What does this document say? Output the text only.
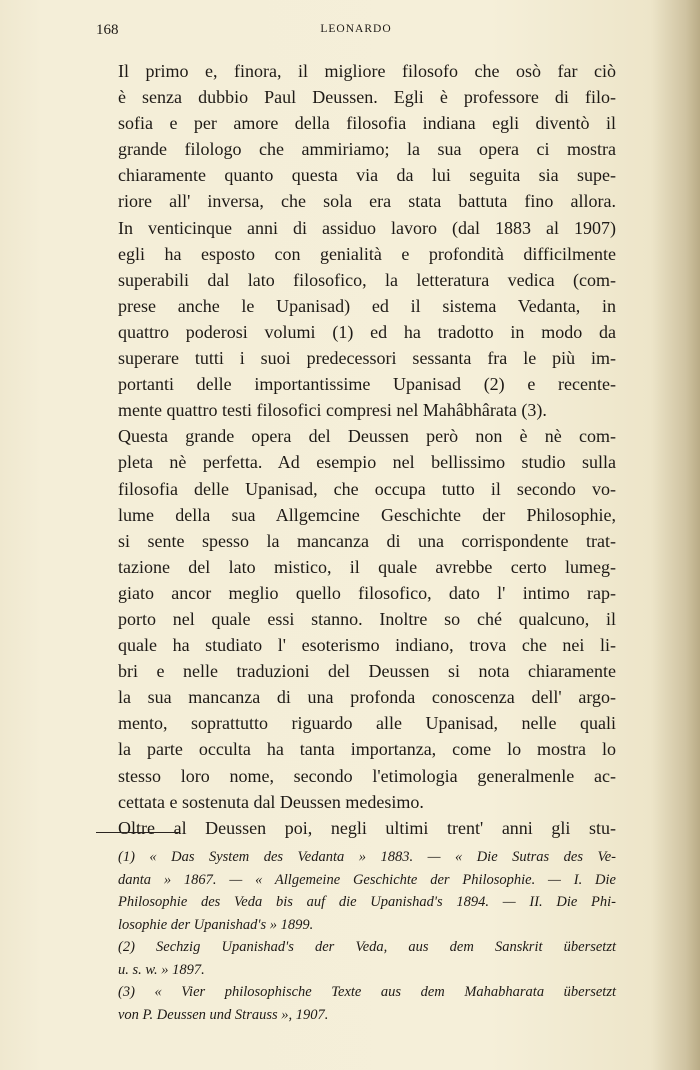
168	LEONARDO

Il primo e, finora, il migliore filosofo che osò far ciò
è senza dubbio Paul Deussen. Egli è professore di filo-
sofia e per amore della filosofia indiana egli diventò il
grande filologo che ammiriamo; la sua opera ci mostra
chiaramente quanto questa via da lui seguita sia supe-
riore all' inversa, che sola era stata battuta fino allora.
In venticinque anni di assiduo lavoro (dal 1883 al 1907)
egli ha esposto con genialità e profondità difficilmente
superabili dal lato filosofico, la letteratura vedica (com-
prese anche le Upanisad) ed il sistema Vedanta, in
quattro poderosi volumi (1) ed ha tradotto in modo da
superare tutti i suoi predecessori sessanta fra le più im-
portanti delle importantissime Upanisad (2) e recente-
mente quattro testi filosofici compresi nel Mahâbhârata (3).

Questa grande opera del Deussen però non è nè com-
pleta nè perfetta. Ad esempio nel bellissimo studio sulla
filosofia delle Upanisad, che occupa tutto il secondo vo-
lume della sua Allgemcine Geschichte der Philosophie,
si sente spesso la mancanza di una corrispondente trat-
tazione del lato mistico, il quale avrebbe certo lumeg-
giato ancor meglio quello filosofico, dato l' intimo rap-
porto nel quale essi stanno. Inoltre so ché qualcuno, il
quale ha studiato l' esoterismo indiano, trova che nei li-
bri e nelle traduzioni del Deussen si nota chiaramente
la sua mancanza di una profonda conoscenza dell' argo-
mento, soprattutto riguardo alle Upanisad, nelle quali
la parte occulta ha tanta importanza, come lo mostra lo
stesso loro nome, secondo l'etimologia generalmenle ac-
cettata e sostenuta dal Deussen medesimo.

Oltre al Deussen poi, negli ultimi trent' anni gli stu-

(1) « Das System des Vedanta » 1883. — « Die Sutras des Ve-
danta » 1867. — « Allgemeine Geschichte der Philosophie. — I. Die
Philosophie des Veda bis auf die Upanishad's 1894. — II. Die Phi-
losophie der Upanishad's » 1899.
(2) Sechzig Upanishad's der Veda, aus dem Sanskrit übersetzt
u. s. w. » 1897.
(3) « Vier philosophische Texte aus dem Mahabharata übersetzt
von P. Deussen und Strauss », 1907.
